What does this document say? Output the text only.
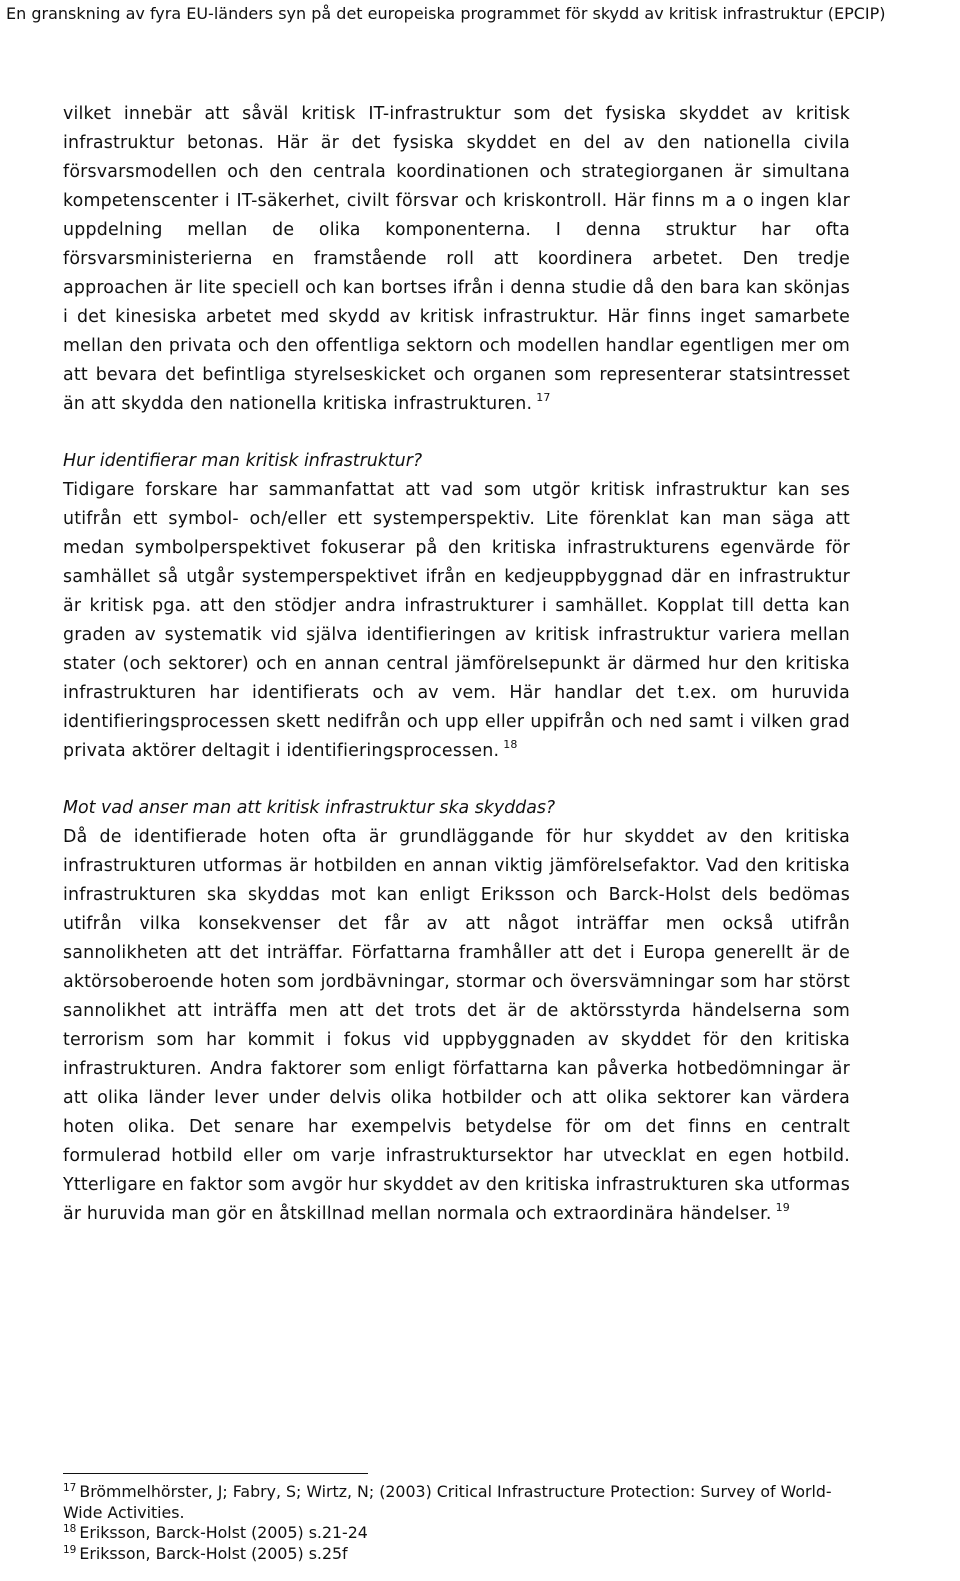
En granskning av fyra EU-länders syn på det europeiska programmet för skydd av kritisk infrastruktur (EPCIP)

vilket innebär att såväl kritisk IT-infrastruktur som det fysiska skyddet av kritisk infrastruktur betonas. Här är det fysiska skyddet en del av den nationella civila försvarsmodellen och den centrala koordinationen och strategiorganen är simultana kompetenscenter i IT-säkerhet, civilt försvar och kriskontroll. Här finns m a o ingen klar uppdelning mellan de olika komponenterna. I denna struktur har ofta försvarsministerierna en framstående roll att koordinera arbetet. Den tredje approachen är lite speciell och kan bortses ifrån i denna studie då den bara kan skönjas i det kinesiska arbetet med skydd av kritisk infrastruktur. Här finns inget samarbete mellan den privata och den offentliga sektorn och modellen handlar egentligen mer om att bevara det befintliga styrelseskicket och organen som representerar statsintresset än att skydda den nationella kritiska infrastrukturen. $^{17}$

Hur identifierar man kritisk infrastruktur?

Tidigare forskare har sammanfattat att vad som utgör kritisk infrastruktur kan ses utifrån ett symbol- och/eller ett systemperspektiv. Lite förenklat kan man säga att medan symbolperspektivet fokuserar på den kritiska infrastrukturens egenvärde för samhället så utgår systemperspektivet ifrån en kedjeuppbyggnad där en infrastruktur är kritisk pga. att den stödjer andra infrastrukturer i samhället. Kopplat till detta kan graden av systematik vid själva identifieringen av kritisk infrastruktur variera mellan stater (och sektorer) och en annan central jämförelsepunkt är därmed hur den kritiska infrastrukturen har identifierats och av vem. Här handlar det t.ex. om huruvida identifieringsprocessen skett nedifrån och upp eller uppifrån och ned samt i vilken grad privata aktörer deltagit i identifieringsprocessen. $^{18}$

Mot vad anser man att kritisk infrastruktur ska skyddas?

Då de identifierade hoten ofta är grundläggande för hur skyddet av den kritiska infrastrukturen utformas är hotbilden en annan viktig jämförelsefaktor. Vad den kritiska infrastrukturen ska skyddas mot kan enligt Eriksson och Barck-Holst dels bedömas utifrån vilka konsekvenser det får av att något inträffar men också utifrån sannolikheten att det inträffar. Författarna framhåller att det i Europa generellt är de aktörsoberoende hoten som jordbävningar, stormar och översvämningar som har störst sannolikhet att inträffa men att det trots det är de aktörsstyrda händelserna som terrorism som har kommit i fokus vid uppbyggnaden av skyddet för den kritiska infrastrukturen. Andra faktorer som enligt författarna kan påverka hotbedömningar är att olika länder lever under delvis olika hotbilder och att olika sektorer kan värdera hoten olika. Det senare har exempelvis betydelse för om det finns en centralt formulerad hotbild eller om varje infrastruktursektor har utvecklat en egen hotbild. Ytterligare en faktor som avgör hur skyddet av den kritiska infrastrukturen ska utformas är huruvida man gör en åtskillnad mellan normala och extraordinära händelser. $^{19}$

$^{17}$ Brömmelhörster, J; Fabry, S; Wirtz, N; (2003) Critical Infrastructure Protection: Survey of World-Wide Activities.

$^{18}$ Eriksson, Barck-Holst (2005) s.21-24

$^{19}$ Eriksson, Barck-Holst (2005) s.25f
